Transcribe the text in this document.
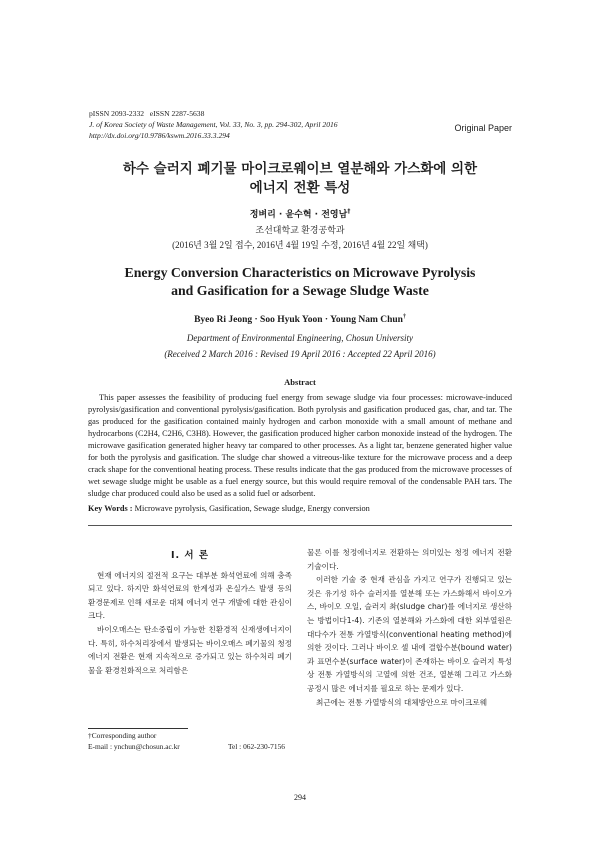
pISSN 2093-2332   eISSN 2287-5638
J. of Korea Society of Waste Management, Vol. 33, No. 3, pp. 294-302, April 2016
http://dx.doi.org/10.9786/kswm.2016.33.3.294
Original Paper
하수 슬러지 폐기물 마이크로웨이브 열분해와 가스화에 의한
에너지 전환 특성
정벼리 · 윤수혁 · 전영남†
조선대학교 환경공학과
(2016년 3월 2일 접수, 2016년 4월 19일 수정, 2016년 4월 22일 채택)
Energy Conversion Characteristics on Microwave Pyrolysis
and Gasification for a Sewage Sludge Waste
Byeo Ri Jeong · Soo Hyuk Yoon · Young Nam Chun†
Department of Environmental Engineering, Chosun University
(Received 2 March 2016 : Revised 19 April 2016 : Accepted 22 April 2016)
Abstract
This paper assesses the feasibility of producing fuel energy from sewage sludge via four processes: microwave-induced pyrolysis/gasification and conventional pyrolysis/gasification. Both pyrolysis and gasification produced gas, char, and tar. The gas produced for the gasification contained mainly hydrogen and carbon monoxide with a small amount of methane and hydrocarbons (C2H4, C2H6, C3H8). However, the gasification produced higher carbon monoxide instead of the hydrogen. The microwave gasification generated higher heavy tar compared to other processes. As a light tar, benzene generated higher value for both the pyrolysis and gasification. The sludge char showed a vitreous-like texture for the microwave process and a deep crack shape for the conventional heating process. These results indicate that the gas produced from the microwave processes of wet sewage sludge might be usable as a fuel energy source, but this would require removal of the condensable PAH tars. The sludge char produced could also be used as a solid fuel or adsorbent.
Key Words : Microwave pyrolysis, Gasification, Sewage sludge, Energy conversion
I. 서 론

현재 에너지의 절전적 요구는 대부분 화석연료에 의해 충족되고 있다. 하지만 화석연료의 한계성과 온실가스 발생 등의 환경문제로 인해 새로운 대체 에너지 연구 개발에 대한 관심이 크다.

바이오매스는 탄소중립이 가능한 친환경적 신재생에너지이다. 특히, 하수처리장에서 발생되는 바이오매스 폐기물의 청정에너지 전환은 현재 지속적으로 증가되고 있는 하수처리 폐기물을 환경친화적으로 처리함은

물론 이를 청정에너지로 전환하는 의미있는 청정 에너지 전환기술이다.

이러한 기술 중 현재 관심을 가지고 연구가 진행되고 있는 것은 유기성 하수 슬러지를 열분해 또는 가스화해서 바이오가스, 바이오 오일, 슬러지 촤(sludge char)를 에너지로 생산하는 방법이다1-4). 기존의 열분해와 가스화에 대한 외부열원은 대다수가 전통 가열방식(conventional heating method)에 의한 것이다. 그러나 바이오 셀 내에 결합수분(bound water)과 표면수분(surface water)이 존재하는 바이오 슬러지 특성상 전통 가열방식의 고열에 의한 건조, 열분해 그리고 가스화 공정시 많은 에너지를 필요로 하는 문제가 있다.

최근에는 전통 가열방식의 대체방안으로 마이크로웨

†Corresponding author
E-mail : ynchun@chosun.ac.kr	Tel : 062-230-7156
294
